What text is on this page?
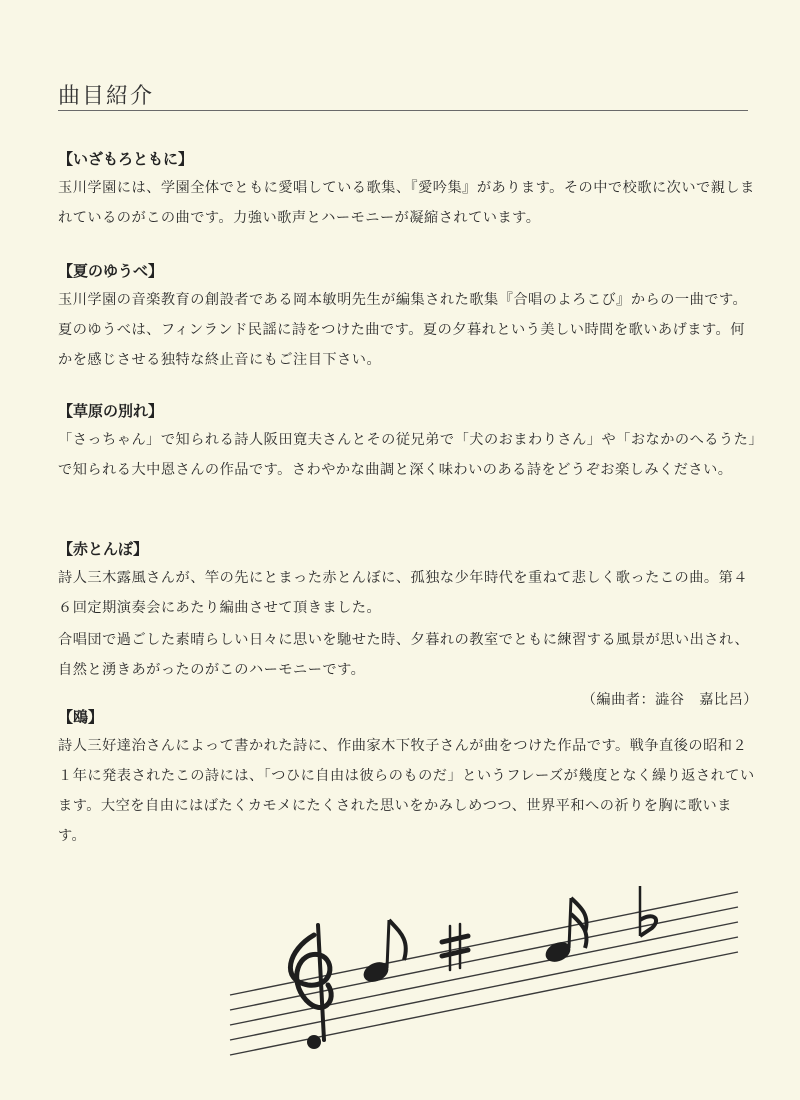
曲目紹介
【いざもろともに】

玉川学園には、学園全体でともに愛唱している歌集、『愛吟集』があります。その中で校歌に次いで親しまれているのがこの曲です。力強い歌声とハーモニーが凝縮されています。

【夏のゆうべ】

玉川学園の音楽教育の創設者である岡本敏明先生が編集された歌集『合唱のよろこび』からの一曲です。夏のゆうべは、フィンランド民謡に詩をつけた曲です。夏の夕暮れという美しい時間を歌いあげます。何かを感じさせる独特な終止音にもご注目下さい。

【草原の別れ】

「さっちゃん」で知られる詩人阪田寛夫さんとその従兄弟で「犬のおまわりさん」や「おなかのへるうた」で知られる大中恩さんの作品です。さわやかな曲調と深く味わいのある詩をどうぞお楽しみください。

【赤とんぼ】

詩人三木露風さんが、竿の先にとまった赤とんぼに、孤独な少年時代を重ねて悲しく歌ったこの曲。第４６回定期演奏会にあたり編曲させて頂きました。

合唱団で過ごした素晴らしい日々に思いを馳せた時、夕暮れの教室でともに練習する風景が思い出され、自然と湧きあがったのがこのハーモニーです。

（編曲者：澁谷　嘉比呂）
【鴎】

詩人三好達治さんによって書かれた詩に、作曲家木下牧子さんが曲をつけた作品です。戦争直後の昭和２１年に発表されたこの詩には、「つひに自由は彼らのものだ」というフレーズが幾度となく繰り返されています。大空を自由にはばたくカモメにたくされた思いをかみしめつつ、世界平和への祈りを胸に歌います。
